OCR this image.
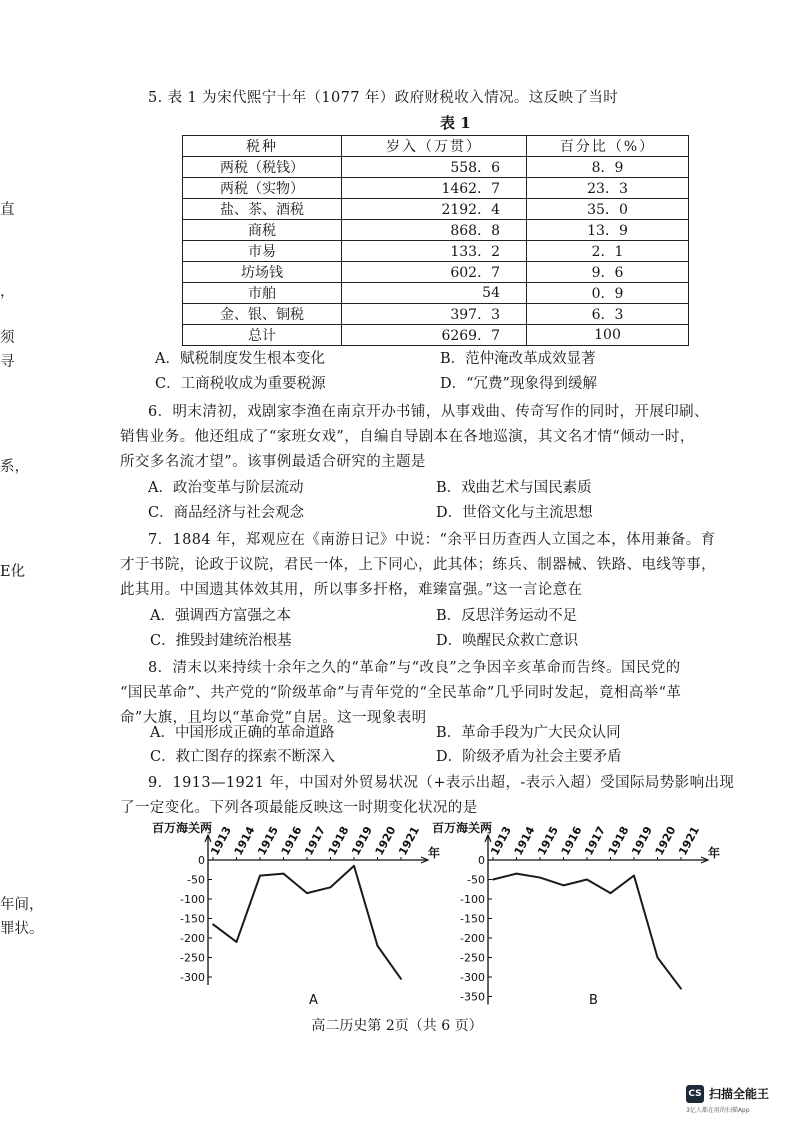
直
，
须
寻
系，
E化
年间，
罪状。
5. 表 1 为宋代熙宁十年（1077 年）政府财税收入情况。这反映了当时
表 1
税种	岁入（万贯）	百分比（%）
两税（税钱）	558．6	8．9
两税（实物）	1462．7	23．3
盐、茶、酒税	2192．4	35．0
商税	868．8	13．9
市易	133．2	2．1
坊场钱	602．7	9．6
市舶	54	0．9
金、银、铜税	397．3	6．3
总计	6269．7	100
A．赋税制度发生根本变化	B．范仲淹改革成效显著
C．工商税收成为重要税源	D．“冗费”现象得到缓解
6．明末清初，戏剧家李渔在南京开办书铺，从事戏曲、传奇写作的同时，开展印刷、
销售业务。他还组成了“家班女戏”，自编自导剧本在各地巡演，其文名才情“倾动一时，
所交多名流才望”。该事例最适合研究的主题是
A．政治变革与阶层流动	B．戏曲艺术与国民素质
C．商品经济与社会观念	D．世俗文化与主流思想
7．1884 年，郑观应在《南游日记》中说：“余平日历查西人立国之本，体用兼备。育
才于书院，论政于议院，君民一体，上下同心，此其体；练兵、制器械、铁路、电线等事，
此其用。中国遗其体效其用，所以事多扞格，难臻富强。”这一言论意在
A．强调西方富强之本	B．反思洋务运动不足
C．推毁封建统治根基	D．唤醒民众救亡意识
8．清末以来持续十余年之久的“革命”与“改良”之争因辛亥革命而告终。国民党的
“国民革命”、共产党的“阶级革命”与青年党的“全民革命”几乎同时发起，竟相高举“革
命”大旗，且均以“革命党”自居。这一现象表明
A．中国形成正确的革命道路	B．革命手段为广大民众认同
C．救亡图存的探索不断深入	D．阶级矛盾为社会主要矛盾
9．1913—1921 年，中国对外贸易状况（+表示出超，-表示入超）受国际局势影响出现
了一定变化。下列各项最能反映这一时期变化状况的是
百万海关两
年
0
-50
-100
-150
-200
-250
-300
1913
1914
1915
1916
1917
1918
1919
1920
1921
A
百万海关两
年
0
-50
-100
-150
-200
-250
-300
-350
1913
1914
1915
1916
1917
1918
1919
1920
1921
B
高二历史第 2页（共 6 页）
CS 扫描全能王
3亿人都在用的扫描App
